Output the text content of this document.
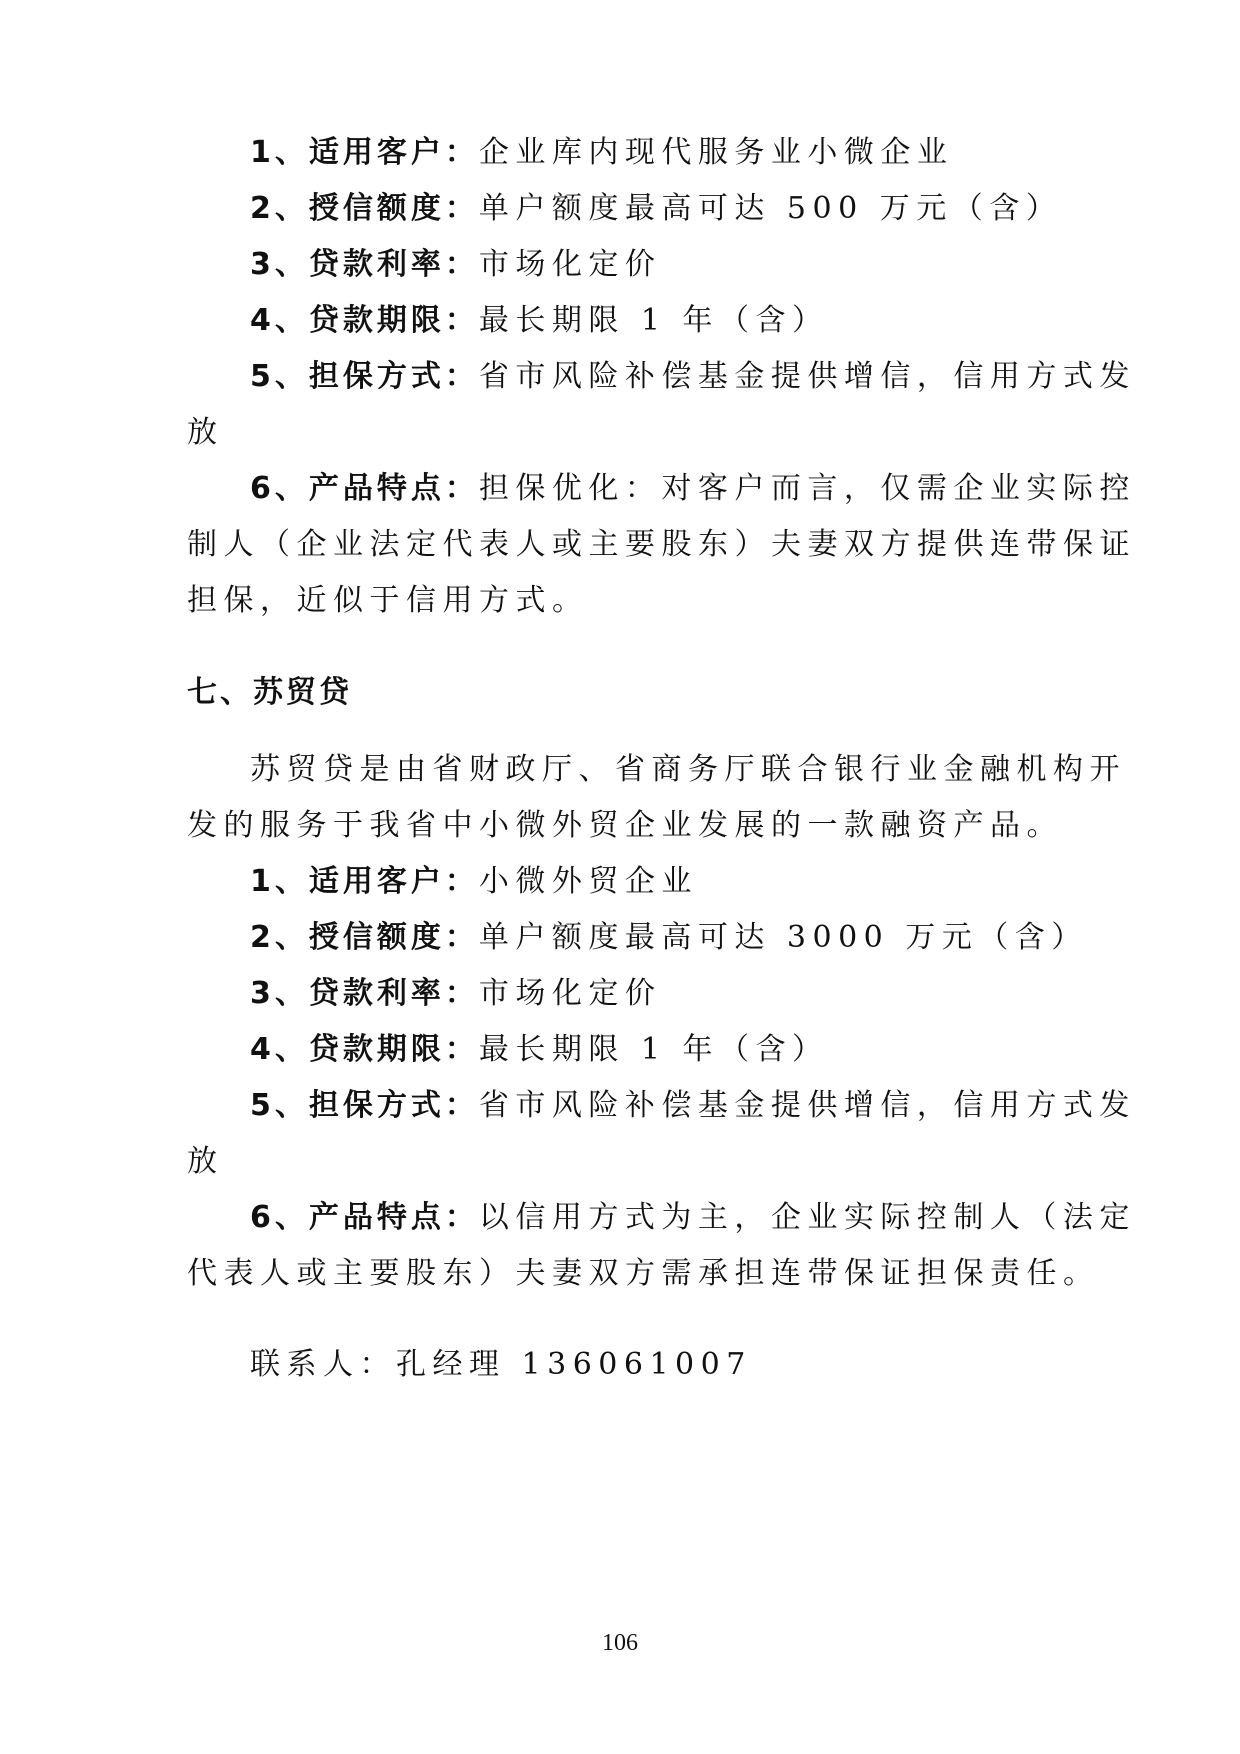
1、适用客户：企业库内现代服务业小微企业
2、授信额度：单户额度最高可达 500 万元（含）
3、贷款利率：市场化定价
4、贷款期限：最长期限 1 年（含）
5、担保方式：省市风险补偿基金提供增信，信用方式发
放
6、产品特点：担保优化：对客户而言，仅需企业实际控
制人（企业法定代表人或主要股东）夫妻双方提供连带保证
担保，近似于信用方式。
七、苏贸贷
苏贸贷是由省财政厅、省商务厅联合银行业金融机构开
发的服务于我省中小微外贸企业发展的一款融资产品。
1、适用客户：小微外贸企业
2、授信额度：单户额度最高可达 3000 万元（含）
3、贷款利率：市场化定价
4、贷款期限：最长期限 1 年（含）
5、担保方式：省市风险补偿基金提供增信，信用方式发
放
6、产品特点：以信用方式为主，企业实际控制人（法定
代表人或主要股东）夫妻双方需承担连带保证担保责任。
联系人：孔经理 136061007
106
